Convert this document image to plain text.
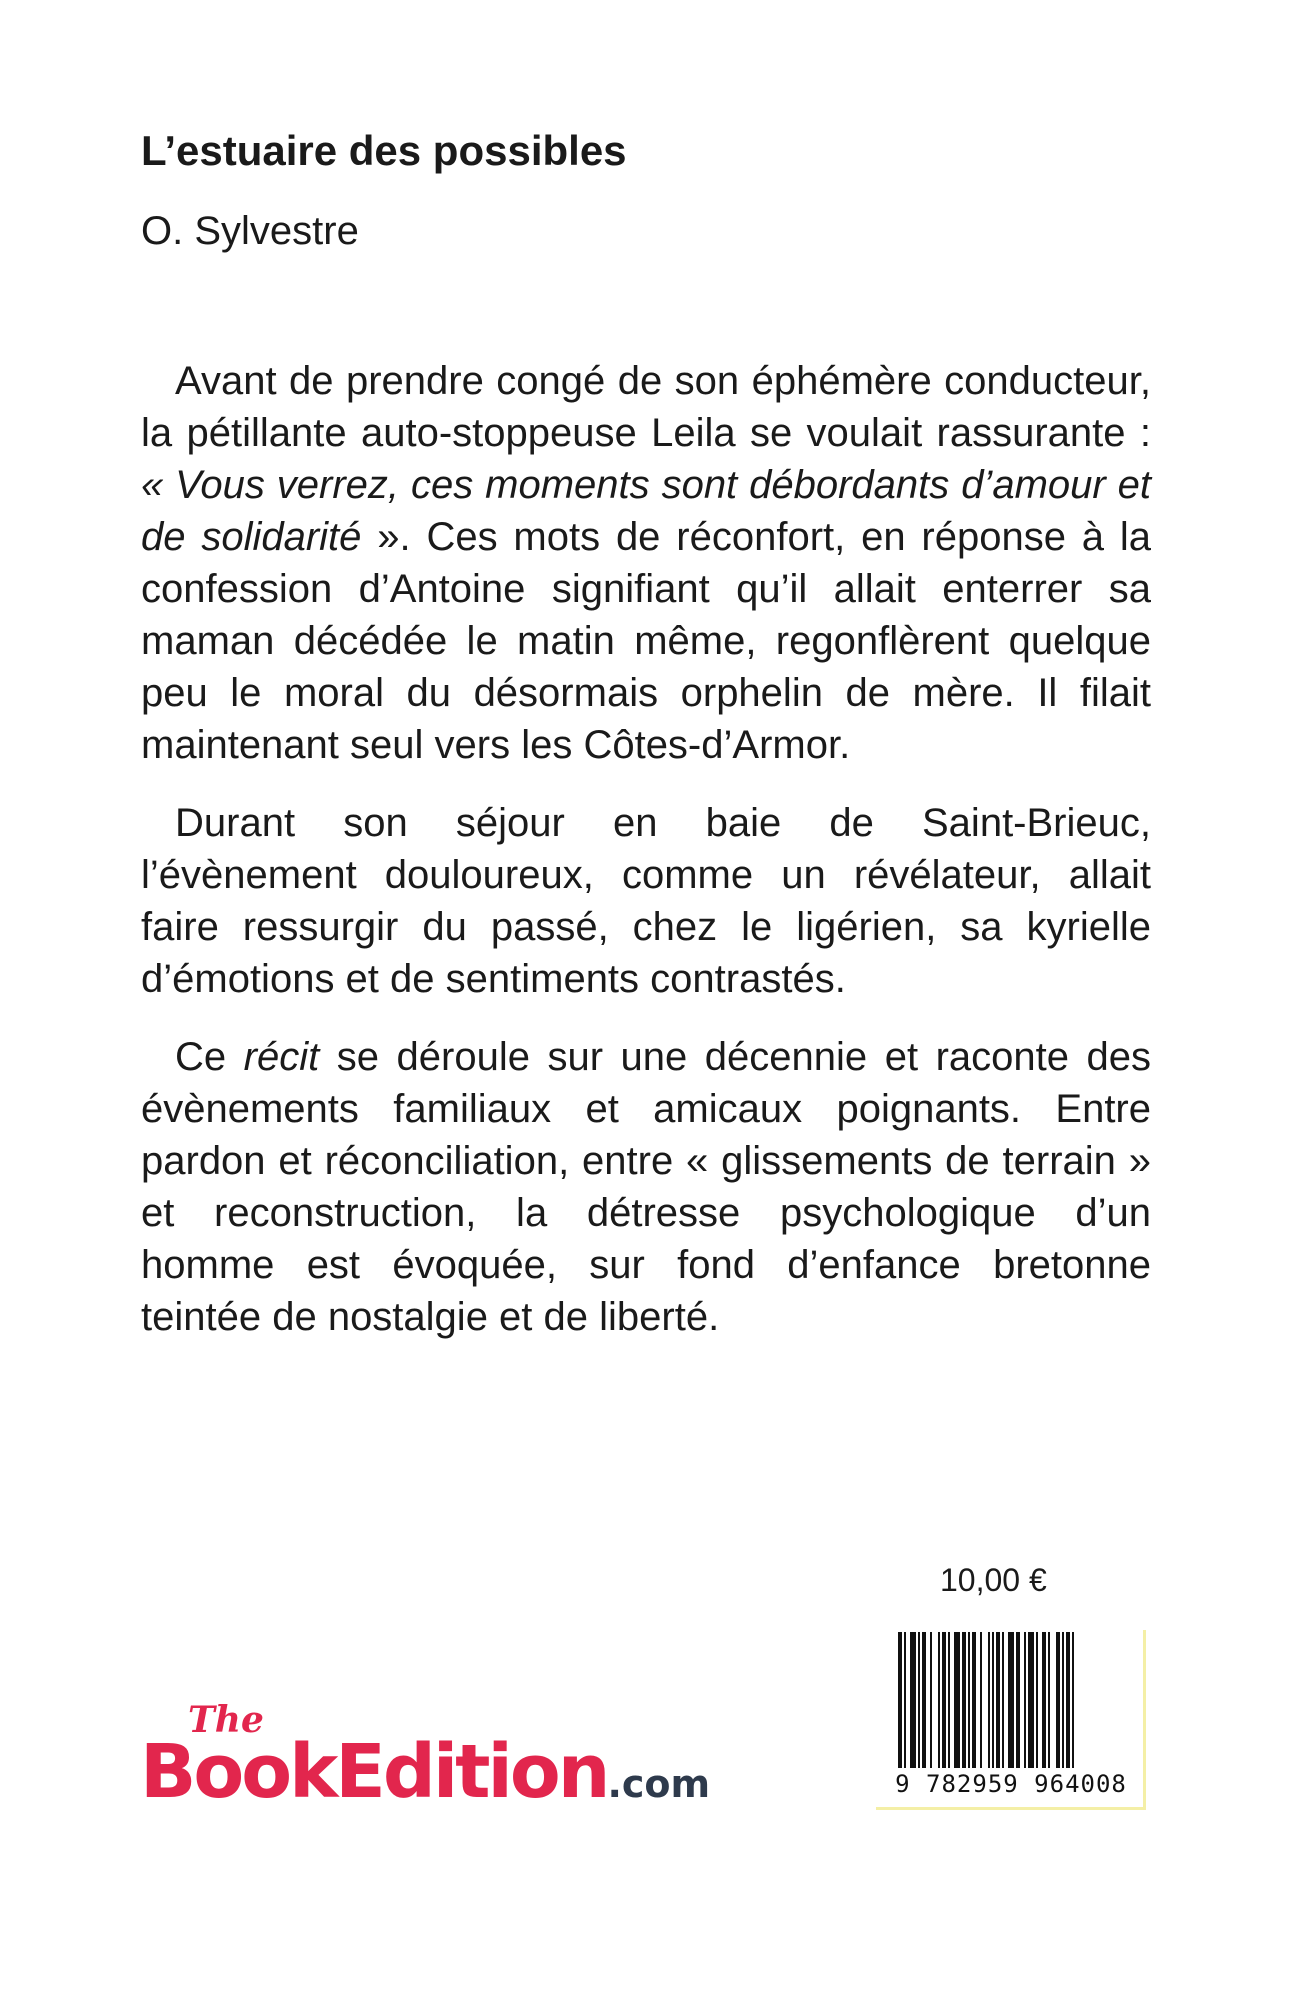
L’estuaire des possibles

O. Sylvestre

Avant de prendre congé de son éphémère conducteur, la pétillante auto-stoppeuse Leila se voulait rassurante : « Vous verrez, ces moments sont débordants d’amour et de solidarité ». Ces mots de réconfort, en réponse à la confession d’Antoine signifiant qu’il allait enterrer sa maman décédée le matin même, regonflèrent quelque peu le moral du désormais orphelin de mère. Il filait maintenant seul vers les Côtes-d’Armor.

Durant son séjour en baie de Saint-Brieuc, l’évènement douloureux, comme un révélateur, allait faire ressurgir du passé, chez le ligérien, sa kyrielle d’émotions et de sentiments contrastés.

Ce récit se déroule sur une décennie et raconte des évènements familiaux et amicaux poignants. Entre pardon et réconciliation, entre « glissements de terrain » et reconstruction, la détresse psychologique d’un homme est évoquée, sur fond d’enfance bretonne teintée de nostalgie et de liberté.

10,00 €
9 782959 964008
The
BookEdition.com
